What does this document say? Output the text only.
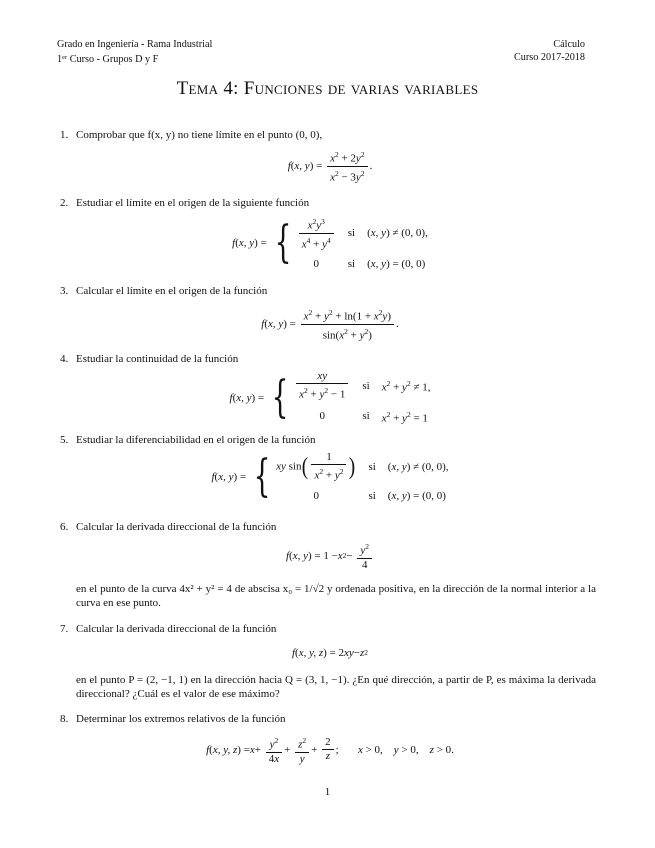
Grado en Ingeniería - Rama Industrial
1er Curso - Grupos D y F
Cálculo
Curso 2017-2018
Tema 4: Funciones de varias variables
1. Comprobar que f(x, y) no tiene límite en el punto (0, 0),
f ( x, y ) = $\frac{x^2 + 2y^2}{x^2 - 3y^2}$ .
2. Estudiar el límite en el origen de la siguiente función
f ( x, y ) = { $\frac{x^2y^3}{x^4 + y^4}$ si (x, y) ≠ (0, 0),
0	si (x, y) = (0, 0)
3. Calcular el límite en el origen de la función
f ( x, y ) = $\frac{x^2 + y^2 + \ln(1 + x^2y)}{\sin(x^2 + y^2)}$ .
4. Estudiar la continuidad de la función
f ( x, y ) = { $\frac{xy}{x^2 + y^2 - 1}$ si $x^2 + y^2 \ne 1$,
0	si $x^2 + y^2 = 1$
5. Estudiar la diferenciabilidad en el origen de la función
f ( x, y ) = { xy $\sin( \frac{1}{x^2 + y^2}$ ) si (x, y) ≠ (0, 0),
0	si (x, y) = (0, 0)
6. Calcular la derivada direccional de la función
f ( x, y ) = 1 − x $2 - \frac{y^2}{4}$
en el punto de la curva 4x² + y² = 4 de abscisa x₀ = 1/√2 y ordenada positiva, en la dirección de la normal interior a la curva en ese punto.
7. Calcular la derivada direccional de la función
f ( x, y, z ) = 2 xy − z 2
en el punto P = (2, −1, 1) en la dirección hacia Q = (3, 1, −1). ¿En qué dirección, a partir de P, es máxima la derivada direccional? ¿Cuál es el valor de ese máximo?
8. Determinar los extremos relativos de la función
f ( x, y, z ) = $x + \frac{y^2}{4x} + \frac{z^2}{y} + \frac{2}{z}$ ; x > 0, y > 0, z > 0.
1
